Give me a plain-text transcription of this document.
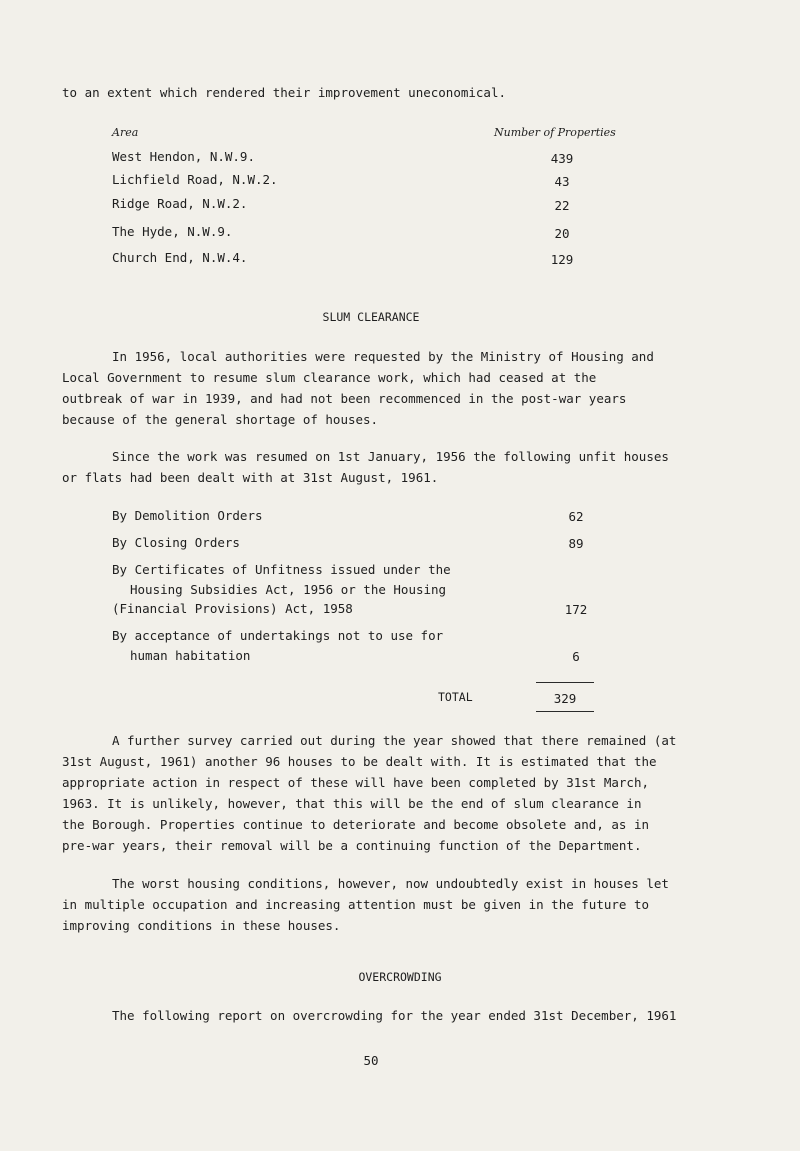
to an extent which rendered their improvement uneconomical.
Area	Number of Properties
West Hendon, N.W.9.	439
Lichfield Road, N.W.2.	43
Ridge Road, N.W.2.	22
The Hyde, N.W.9.	20
Church End, N.W.4.	129
SLUM CLEARANCE
In 1956, local authorities were requested by the Ministry of Housing and
Local Government to resume slum clearance work, which had ceased at the
outbreak of war in 1939, and had not been recommenced in the post-war years
because of the general shortage of houses.
Since the work was resumed on 1st January, 1956 the following unfit houses
or flats had been dealt with at 31st August, 1961.
By Demolition Orders	62
By Closing Orders	89
By Certificates of Unfitness issued under the
Housing Subsidies Act, 1956 or the Housing
(Financial Provisions) Act, 1958	172
By acceptance of undertakings not to use for
human habitation	6
TOTAL	329
A further survey carried out during the year showed that there remained (at
31st August, 1961) another 96 houses to be dealt with. It is estimated that the
appropriate action in respect of these will have been completed by 31st March,
1963. It is unlikely, however, that this will be the end of slum clearance in
the Borough. Properties continue to deteriorate and become obsolete and, as in
pre-war years, their removal will be a continuing function of the Department.
The worst housing conditions, however, now undoubtedly exist in houses let
in multiple occupation and increasing attention must be given in the future to
improving conditions in these houses.
OVERCROWDING
The following report on overcrowding for the year ended 31st December, 1961
50
